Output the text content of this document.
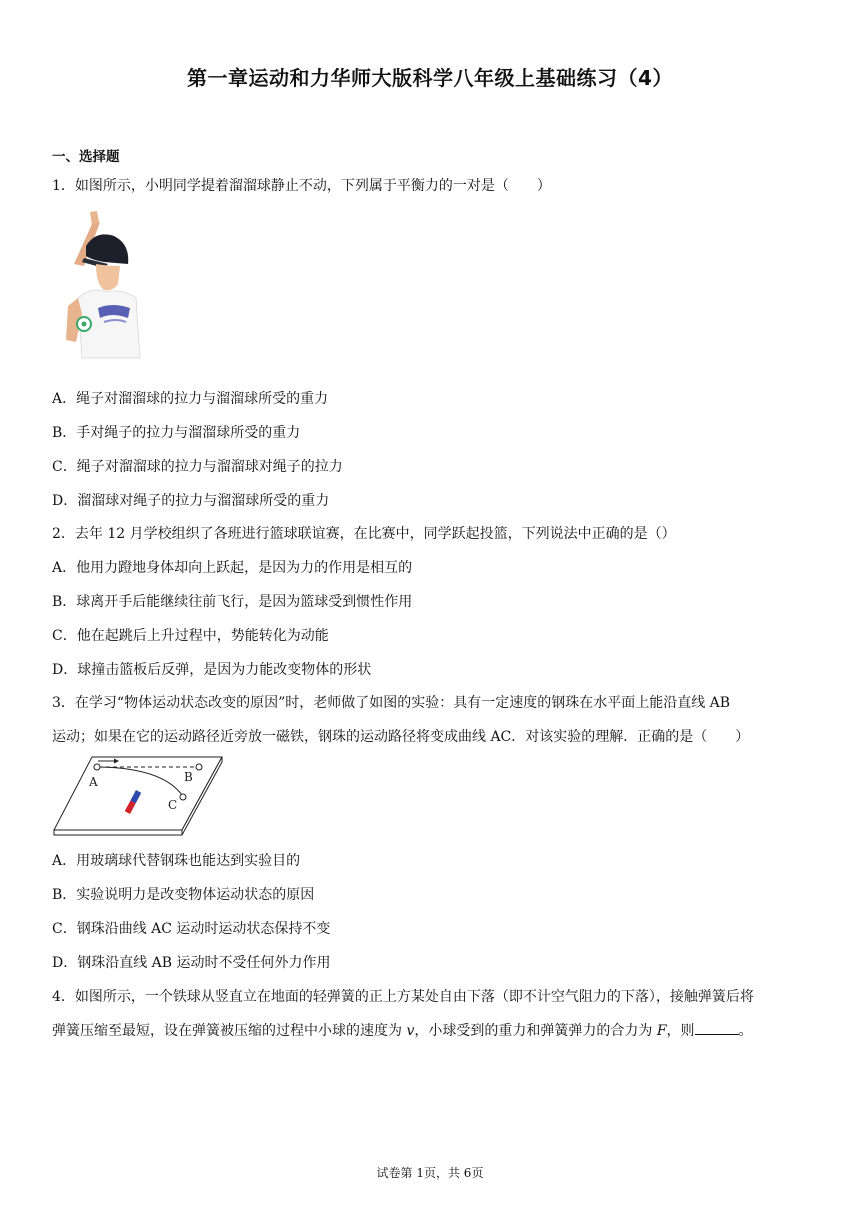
第一章运动和力华师大版科学八年级上基础练习（4）
一、选择题
1．如图所示，小明同学提着溜溜球静止不动，下列属于平衡力的一对是（　　）
A．绳子对溜溜球的拉力与溜溜球所受的重力
B．手对绳子的拉力与溜溜球所受的重力
C．绳子对溜溜球的拉力与溜溜球对绳子的拉力
D．溜溜球对绳子的拉力与溜溜球所受的重力
2．去年 12 月学校组织了各班进行篮球联谊赛，在比赛中，同学跃起投篮，下列说法中正确的是（）
A．他用力蹬地身体却向上跃起，是因为力的作用是相互的
B．球离开手后能继续往前飞行，是因为篮球受到惯性作用
C．他在起跳后上升过程中，势能转化为动能
D．球撞击篮板后反弹，是因为力能改变物体的形状
3．在学习“物体运动状态改变的原因”时，老师做了如图的实验：具有一定速度的钢珠在水平面上能沿直线 AB
运动；如果在它的运动路径近旁放一磁铁，钢珠的运动路径将变成曲线 AC．对该实验的理解．正确的是（　　）
A	B
C
A．用玻璃球代替钢珠也能达到实验目的
B．实验说明力是改变物体运动状态的原因
C．钢珠沿曲线 AC 运动时运动状态保持不变
D．钢珠沿直线 AB 运动时不受任何外力作用
4．如图所示，一个铁球从竖直立在地面的轻弹簧的正上方某处自由下落（即不计空气阻力的下落），接触弹簧后将
弹簧压缩至最短，设在弹簧被压缩的过程中小球的速度为 v，小球受到的重力和弹簧弹力的合力为 F，则	。
试卷第 1页，共 6页
